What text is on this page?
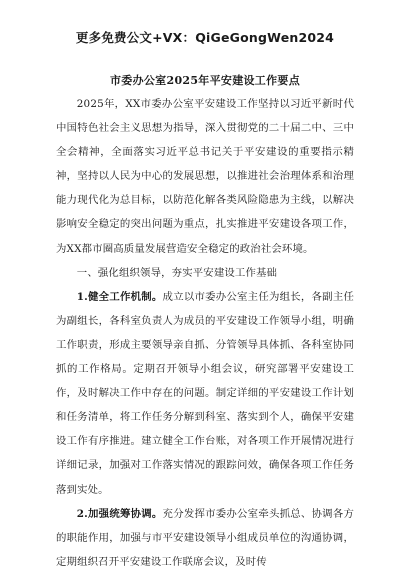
更多免费公文+VX：QiGeGongWen2024
市委办公室2025年平安建设工作要点

2025年，XX市委办公室平安建设工作坚持以习近平新时代中国特色社会主义思想为指导，深入贯彻党的二十届二中、三中全会精神，全面落实习近平总书记关于平安建设的重要指示精神，坚持以人民为中心的发展思想，以推进社会治理体系和治理能力现代化为总目标，以防范化解各类风险隐患为主线，以解决影响安全稳定的突出问题为重点，扎实推进平安建设各项工作，为XX都市圈高质量发展营造安全稳定的政治社会环境。

一、强化组织领导，夯实平安建设工作基础

1.健全工作机制。成立以市委办公室主任为组长，各副主任为副组长，各科室负责人为成员的平安建设工作领导小组，明确工作职责，形成主要领导亲自抓、分管领导具体抓、各科室协同抓的工作格局。定期召开领导小组会议，研究部署平安建设工作，及时解决工作中存在的问题。制定详细的平安建设工作计划和任务清单，将工作任务分解到科室、落实到个人，确保平安建设工作有序推进。建立健全工作台账，对各项工作开展情况进行详细记录，加强对工作落实情况的跟踪问效，确保各项工作任务落到实处。

2.加强统筹协调。充分发挥市委办公室牵头抓总、协调各方的职能作用，加强与市平安建设领导小组成员单位的沟通协调，定期组织召开平安建设工作联席会议，及时传
